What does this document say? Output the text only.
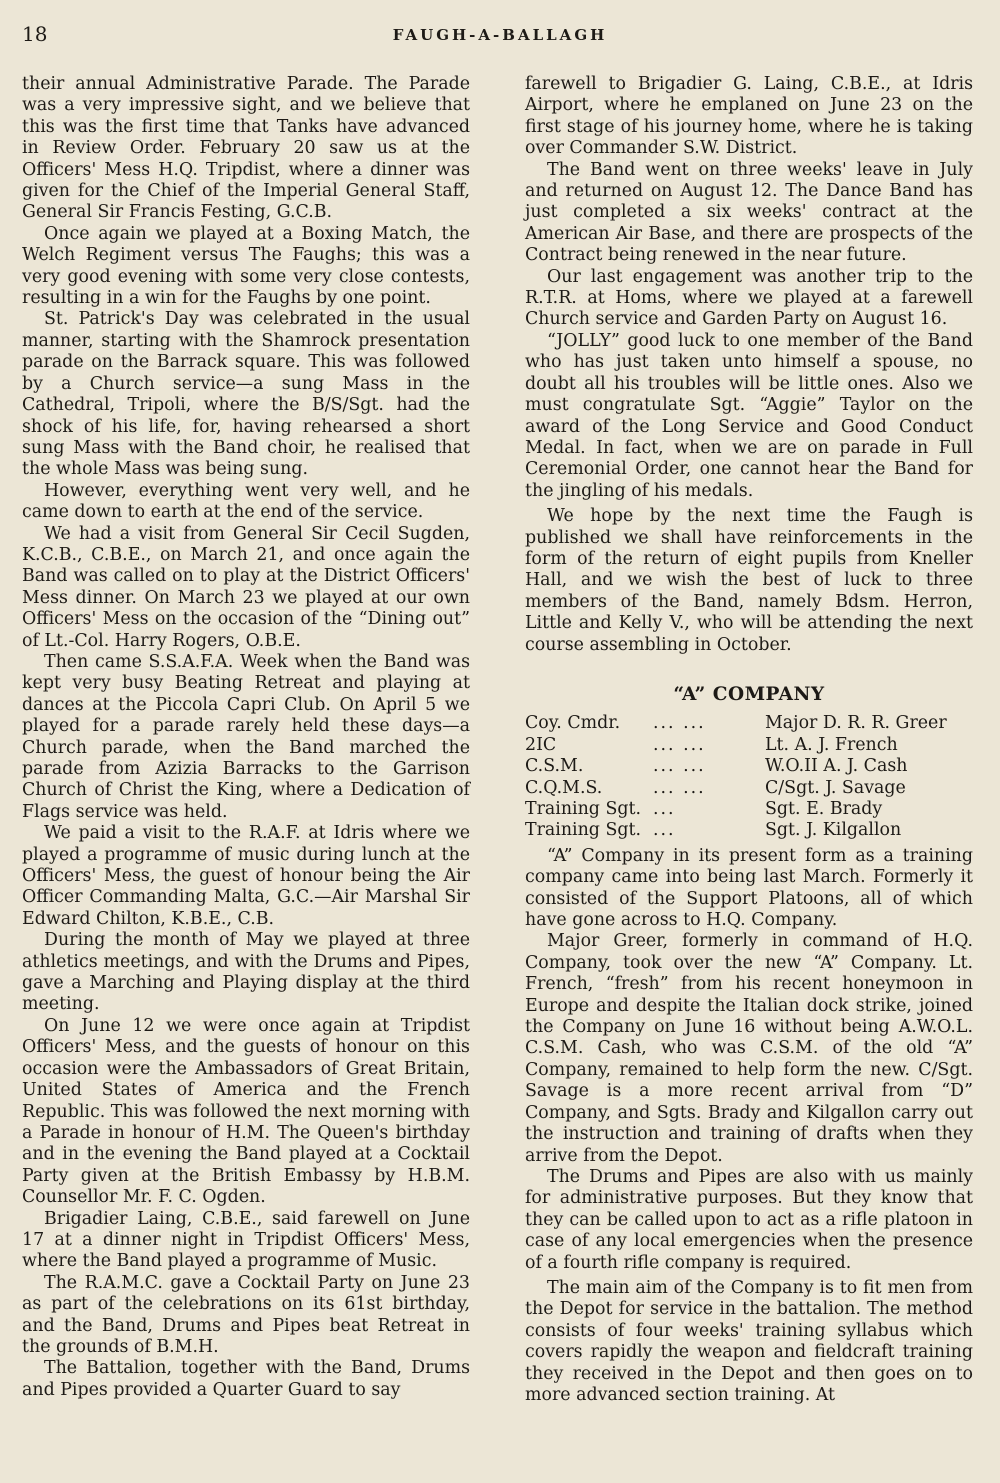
18	FAUGH-A-BALLAGH

their annual Administrative Parade. The Parade was a very impressive sight, and we believe that this was the first time that Tanks have advanced in Review Order. February 20 saw us at the Officers' Mess H.Q. Tripdist, where a dinner was given for the Chief of the Imperial General Staff, General Sir Francis Festing, G.C.B.

Once again we played at a Boxing Match, the Welch Regiment versus The Faughs; this was a very good evening with some very close contests, resulting in a win for the Faughs by one point.

St. Patrick's Day was celebrated in the usual manner, starting with the Shamrock presentation parade on the Barrack square. This was followed by a Church service—a sung Mass in the Cathedral, Tripoli, where the B/S/Sgt. had the shock of his life, for, having rehearsed a short sung Mass with the Band choir, he realised that the whole Mass was being sung.

However, everything went very well, and he came down to earth at the end of the service.

We had a visit from General Sir Cecil Sugden, K.C.B., C.B.E., on March 21, and once again the Band was called on to play at the District Officers' Mess dinner. On March 23 we played at our own Officers' Mess on the occasion of the “Dining out” of Lt.-Col. Harry Rogers, O.B.E.

Then came S.S.A.F.A. Week when the Band was kept very busy Beating Retreat and playing at dances at the Piccola Capri Club. On April 5 we played for a parade rarely held these days—a Church parade, when the Band marched the parade from Azizia Barracks to the Garrison Church of Christ the King, where a Dedication of Flags service was held.

We paid a visit to the R.A.F. at Idris where we played a programme of music during lunch at the Officers' Mess, the guest of honour being the Air Officer Commanding Malta, G.C.—Air Marshal Sir Edward Chilton, K.B.E., C.B.

During the month of May we played at three athletics meetings, and with the Drums and Pipes, gave a Marching and Playing display at the third meeting.

On June 12 we were once again at Tripdist Officers' Mess, and the guests of honour on this occasion were the Ambassadors of Great Britain, United States of America and the French Republic. This was followed the next morning with a Parade in honour of H.M. The Queen's birthday and in the evening the Band played at a Cocktail Party given at the British Embassy by H.B.M. Counsellor Mr. F. C. Ogden.

Brigadier Laing, C.B.E., said farewell on June 17 at a dinner night in Tripdist Officers' Mess, where the Band played a programme of Music.

The R.A.M.C. gave a Cocktail Party on June 23 as part of the celebrations on its 61st birthday, and the Band, Drums and Pipes beat Retreat in the grounds of B.M.H.

The Battalion, together with the Band, Drums and Pipes provided a Quarter Guard to say

farewell to Brigadier G. Laing, C.B.E., at Idris Airport, where he emplaned on June 23 on the first stage of his journey home, where he is taking over Commander S.W. District.

The Band went on three weeks' leave in July and returned on August 12. The Dance Band has just completed a six weeks' contract at the American Air Base, and there are prospects of the Contract being renewed in the near future.

Our last engagement was another trip to the R.T.R. at Homs, where we played at a farewell Church service and Garden Party on August 16.

“JOLLY” good luck to one member of the Band who has just taken unto himself a spouse, no doubt all his troubles will be little ones. Also we must congratulate Sgt. “Aggie” Taylor on the award of the Long Service and Good Conduct Medal. In fact, when we are on parade in Full Ceremonial Order, one cannot hear the Band for the jingling of his medals.

We hope by the next time the Faugh is published we shall have reinforcements in the form of the return of eight pupils from Kneller Hall, and we wish the best of luck to three members of the Band, namely Bdsm. Herron, Little and Kelly V., who will be attending the next course assembling in October.

“A” COMPANY
Coy. Cmdr.	... ...	Major D. R. R. Greer
2IC	... ...	Lt. A. J. French
C.S.M.	... ...	W.O.II A. J. Cash
C.Q.M.S.	... ...	C/Sgt. J. Savage
Training Sgt. ...	Sgt. E. Brady
Training Sgt. ...	Sgt. J. Kilgallon

“A” Company in its present form as a training company came into being last March. Formerly it consisted of the Support Platoons, all of which have gone across to H.Q. Company.

Major Greer, formerly in command of H.Q. Company, took over the new “A” Company. Lt. French, “fresh” from his recent honeymoon in Europe and despite the Italian dock strike, joined the Company on June 16 without being A.W.O.L. C.S.M. Cash, who was C.S.M. of the old “A” Company, remained to help form the new. C/Sgt. Savage is a more recent arrival from “D” Company, and Sgts. Brady and Kilgallon carry out the instruction and training of drafts when they arrive from the Depot.

The Drums and Pipes are also with us mainly for administrative purposes. But they know that they can be called upon to act as a rifle platoon in case of any local emergencies when the presence of a fourth rifle company is required.

The main aim of the Company is to fit men from the Depot for service in the battalion. The method consists of four weeks' training syllabus which covers rapidly the weapon and fieldcraft training they received in the Depot and then goes on to more advanced section training. At
